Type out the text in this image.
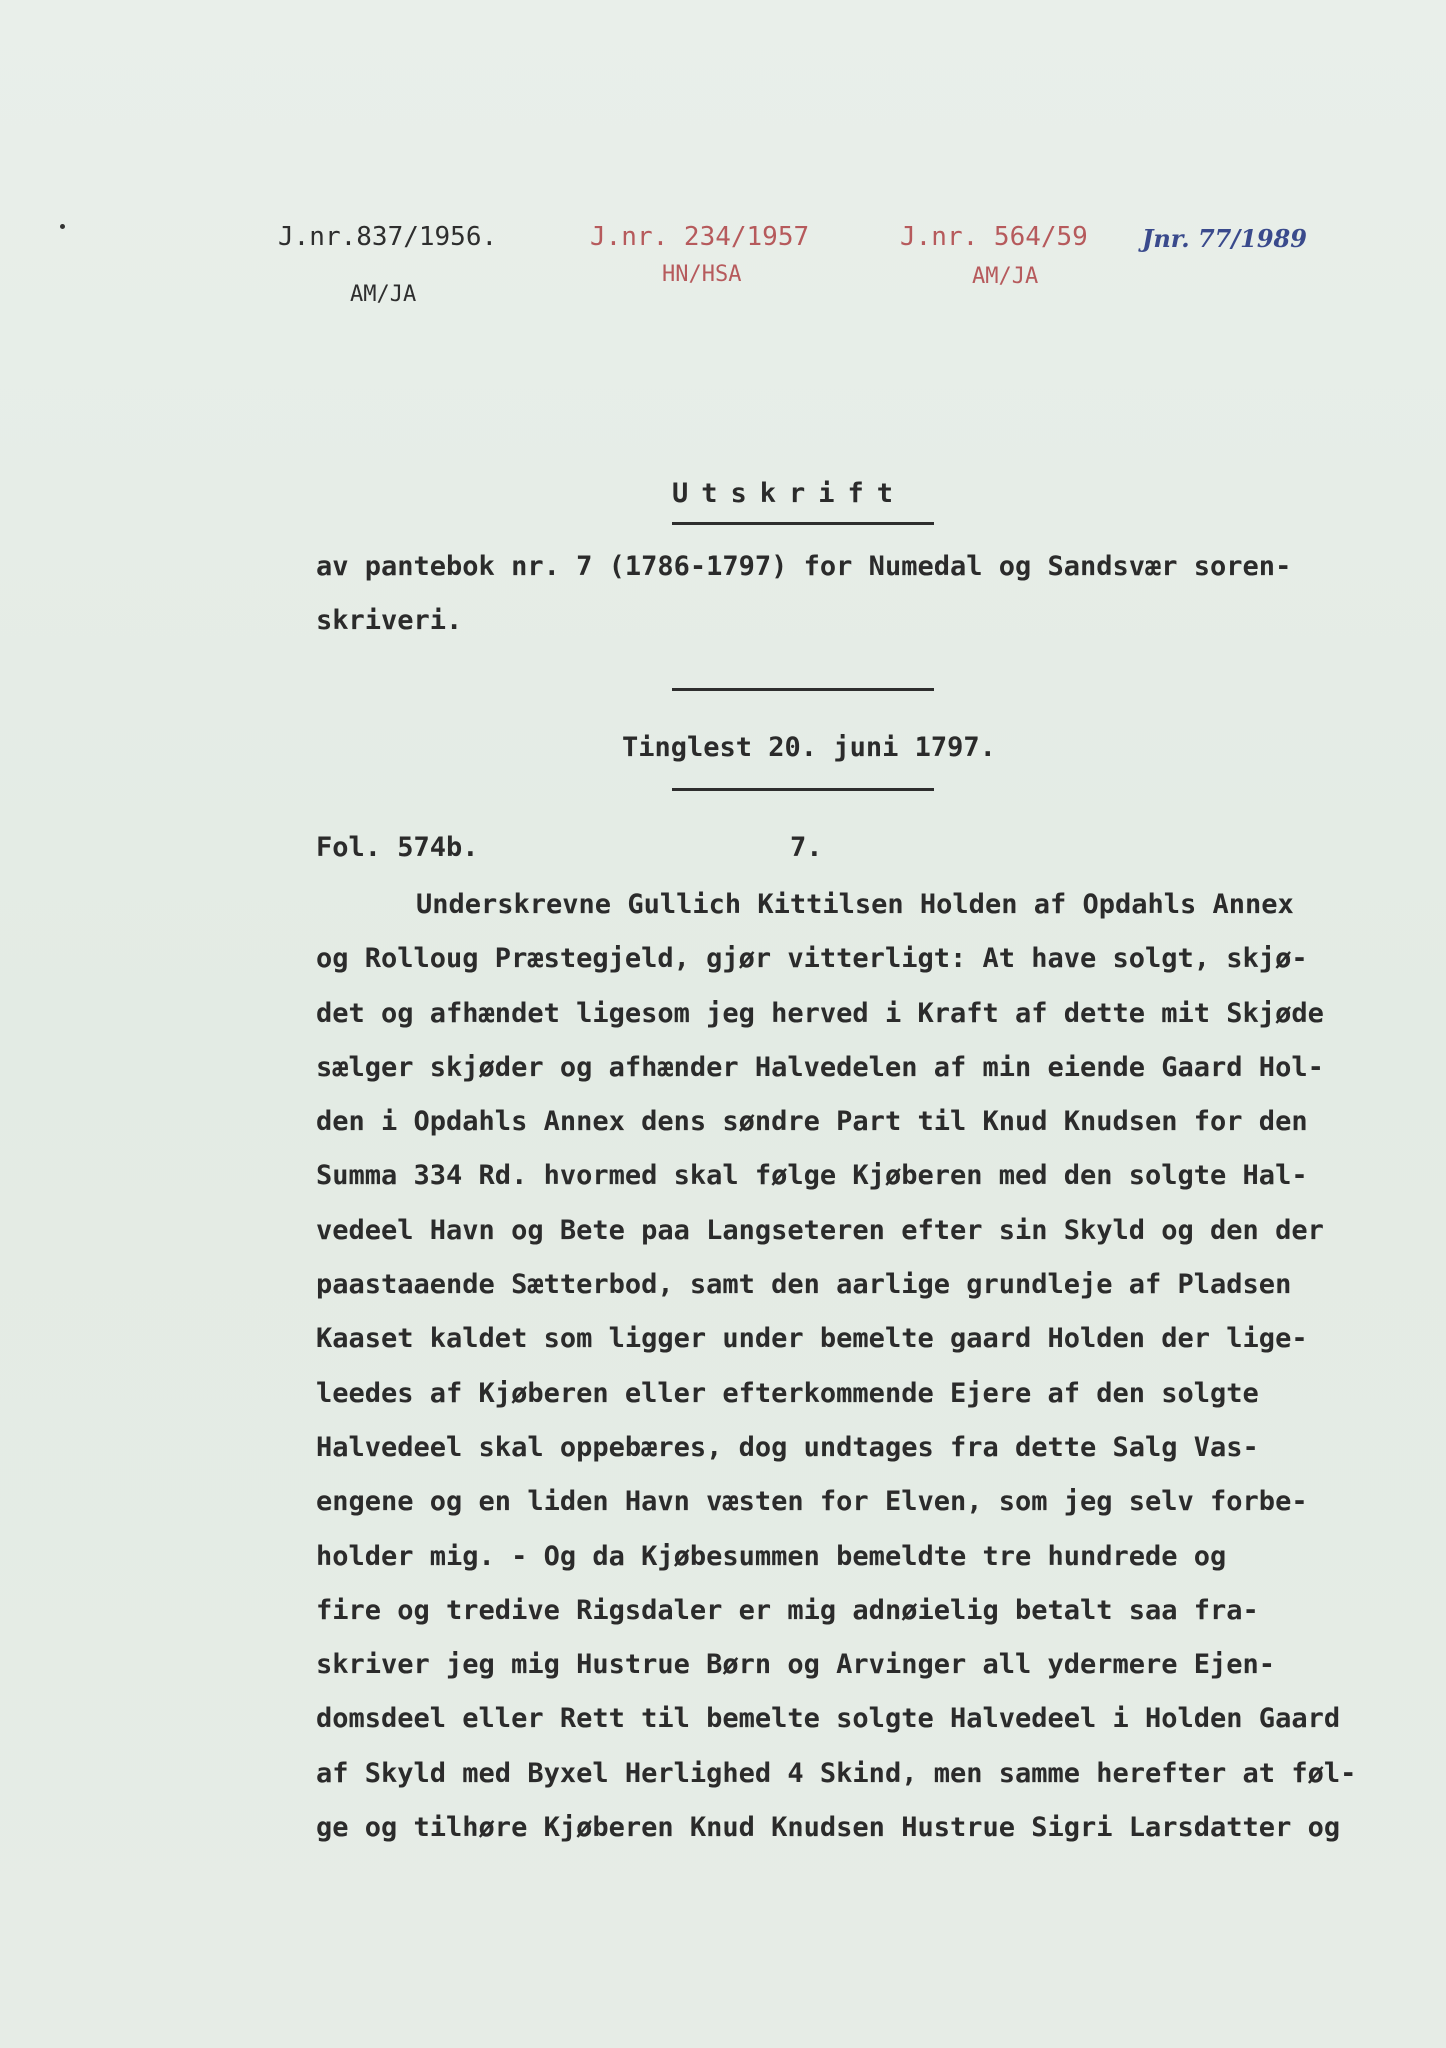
J.nr.837/1956.
AM/JA
J.nr. 234/1957
HN/HSA
J.nr. 564/59
AM/JA
Jnr. 77/1989
Utskrift
av pantebok nr. 7 (1786-1797) for Numedal og Sandsvær soren-
skriveri.
Tinglest 20. juni 1797.
Fol. 574b.	7.
Underskrevne Gullich Kittilsen Holden af Opdahls Annex
og Rolloug Præstegjeld, gjør vitterligt: At have solgt, skjø-
det og afhændet ligesom jeg herved i Kraft af dette mit Skjøde
sælger skjøder og afhænder Halvedelen af min eiende Gaard Hol-
den i Opdahls Annex dens søndre Part til Knud Knudsen for den
Summa 334 Rd. hvormed skal følge Kjøberen med den solgte Hal-
vedeel Havn og Bete paa Langseteren efter sin Skyld og den der
paastaaende Sætterbod, samt den aarlige grundleje af Pladsen
Kaaset kaldet som ligger under bemelte gaard Holden der lige-
leedes af Kjøberen eller efterkommende Ejere af den solgte
Halvedeel skal oppebæres, dog undtages fra dette Salg Vas-
engene og en liden Havn væsten for Elven, som jeg selv forbe-
holder mig. - Og da Kjøbesummen bemeldte tre hundrede og
fire og tredive Rigsdaler er mig adnøielig betalt saa fra-
skriver jeg mig Hustrue Børn og Arvinger all ydermere Ejen-
domsdeel eller Rett til bemelte solgte Halvedeel i Holden Gaard
af Skyld med Byxel Herlighed 4 Skind, men samme herefter at føl-
ge og tilhøre Kjøberen Knud Knudsen Hustrue Sigri Larsdatter og
